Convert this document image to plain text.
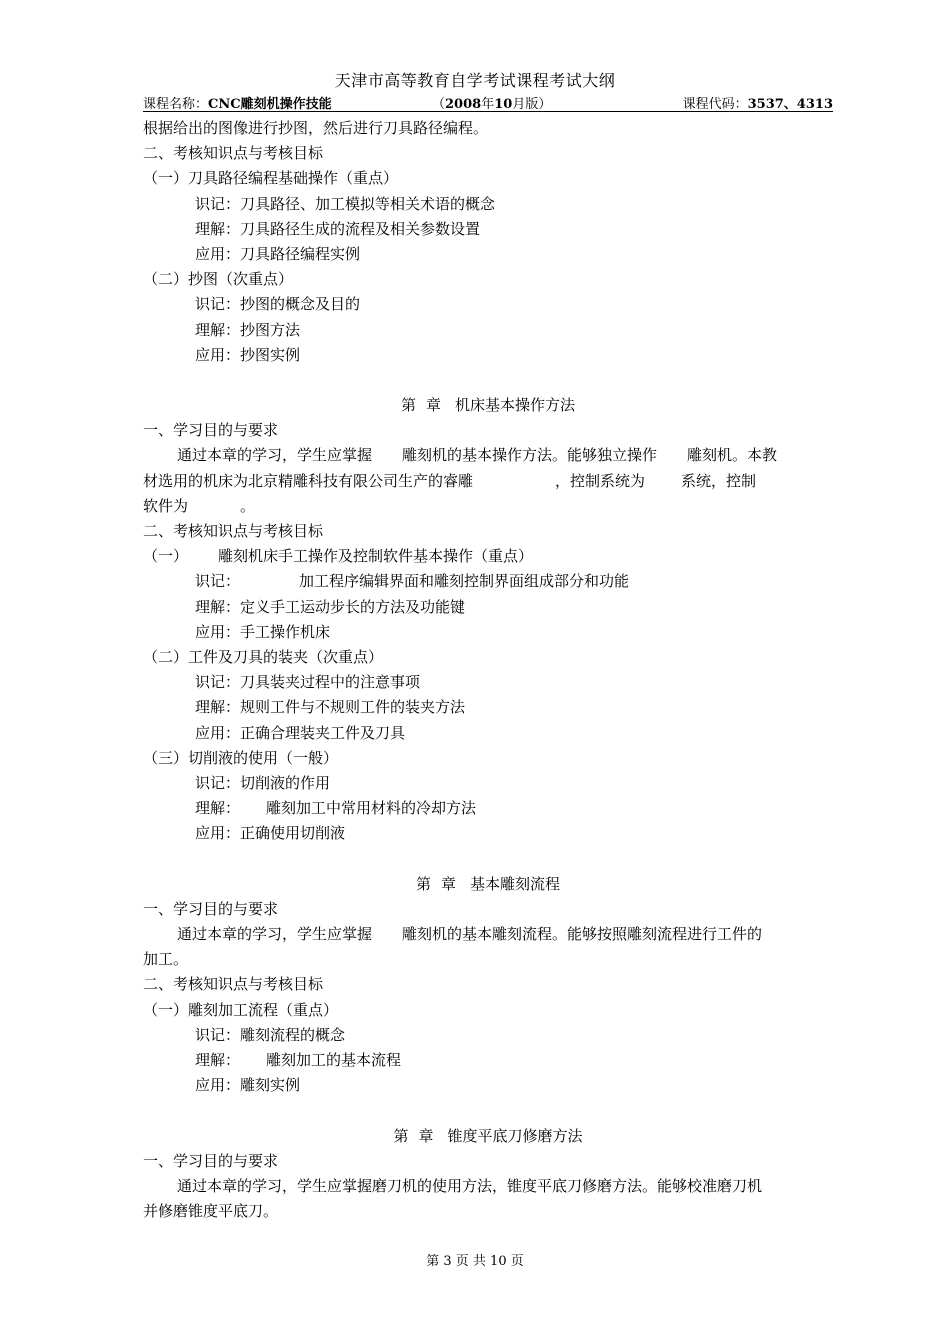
天津市高等教育自学考试课程考试大纲
课程名称：CNC雕刻机操作技能	（2008年10月版）	课程代码：3537、4313
根据给出的图像进行抄图，然后进行刀具路径编程。
二、考核知识点与考核目标
（一）刀具路径编程基础操作（重点）
识记：刀具路径、加工模拟等相关术语的概念
理解：刀具路径生成的流程及相关参数设置
应用：刀具路径编程实例
（二）抄图（次重点）
识记：抄图的概念及目的
理解：抄图方法
应用：抄图实例
第 章 机床基本操作方法
一、学习目的与要求
通过本章的学习，学生应掌握 雕刻机的基本操作方法。能够独立操作 雕刻机。本教
材选用的机床为北京精雕科技有限公司生产的睿雕	，控制系统为 系统，控制
软件为	。
二、考核知识点与考核目标
（一） 雕刻机床手工操作及控制软件基本操作（重点）
识记：	加工程序编辑界面和雕刻控制界面组成部分和功能
理解：定义手工运动步长的方法及功能键
应用：手工操作机床
（二）工件及刀具的装夹（次重点）
识记：刀具装夹过程中的注意事项
理解：规则工件与不规则工件的装夹方法
应用：正确合理装夹工件及刀具
（三）切削液的使用（一般）
识记：切削液的作用
理解： 雕刻加工中常用材料的冷却方法
应用：正确使用切削液
第 章 基本雕刻流程
一、学习目的与要求
通过本章的学习，学生应掌握 雕刻机的基本雕刻流程。能够按照雕刻流程进行工件的
加工。
二、考核知识点与考核目标
（一）雕刻加工流程（重点）
识记：雕刻流程的概念
理解： 雕刻加工的基本流程
应用：雕刻实例
第 章 锥度平底刀修磨方法
一、学习目的与要求
通过本章的学习，学生应掌握磨刀机的使用方法，锥度平底刀修磨方法。能够校准磨刀机
并修磨锥度平底刀。
第 3 页 共 10 页
